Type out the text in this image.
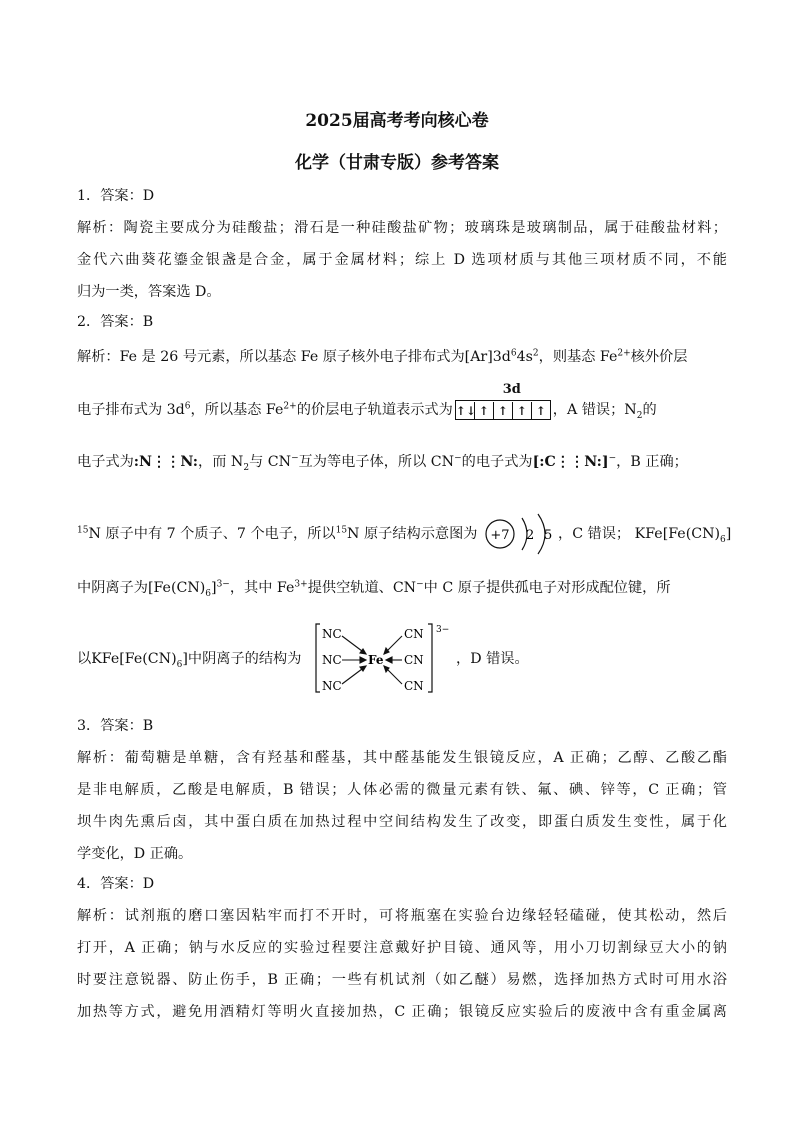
2025届高考考向核心卷
化学（甘肃专版）参考答案
1．答案：D
解析：陶瓷主要成分为硅酸盐；滑石是一种硅酸盐矿物；玻璃珠是玻璃制品，属于硅酸盐材料；
金代六曲葵花鎏金银盏是合金，属于金属材料；综上 D 选项材质与其他三项材质不同，不能
归为一类，答案选 D。
2．答案：B
解析：Fe 是 26 号元素，所以基态 Fe 原子核外电子排布式为$[Ar]3d^64s^2$，则基态 $Fe^{2+}$核外价层
电子排布式为 $3d^6$，所以基态 $Fe^{2+}$的价层电子轨道表示式为
3d
↑↓ ↑ ↑ ↑ ↑ ，A 错误；$N_2$的
电子式为:N⋮⋮N:，而 $N_2$与 CN−互为等电子体，所以 CN−的电子式为[:C⋮⋮N:]−，B 正确；
$^{15}$N 原子中有 7 个质子、7 个电子，所以$^{15}$N 原子结构示意图为 +7 2 5 ，C 错误； $KFe[Fe(CN)_6]$
中阴离子为$[Fe(CN)_6]^{3-}$，其中 $Fe^{3+}$提供空轨道、CN−中 C 原子提供孤电子对形成配位键，所
以$KFe[Fe(CN)_6]$中阴离子的结构为
3−
NC
NC
NC
Fe
CN
CN
CN
，D 错误。
3．答案：B
解析：葡萄糖是单糖，含有羟基和醛基，其中醛基能发生银镜反应，A 正确；乙醇、乙酸乙酯
是非电解质，乙酸是电解质，B 错误；人体必需的微量元素有铁、氟、碘、锌等，C 正确；管
坝牛肉先熏后卤，其中蛋白质在加热过程中空间结构发生了改变，即蛋白质发生变性，属于化
学变化，D 正确。
4．答案：D
解析：试剂瓶的磨口塞因粘牢而打不开时，可将瓶塞在实验台边缘轻轻磕碰，使其松动，然后
打开，A 正确；钠与水反应的实验过程要注意戴好护目镜、通风等，用小刀切割绿豆大小的钠
时要注意锐器、防止伤手，B 正确；一些有机试剂（如乙醚）易燃，选择加热方式时可用水浴
加热等方式，避免用酒精灯等明火直接加热，C 正确；银镜反应实验后的废液中含有重金属离
